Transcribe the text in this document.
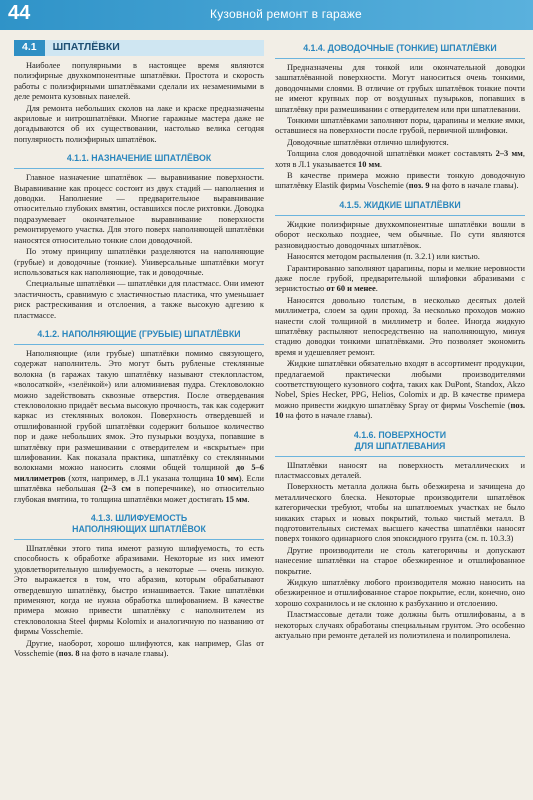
44	Кузовной ремонт в гараже
4.1	ШПАТЛЁВКИ

Наиболее популярными в настоящее время являются полиэфирные двухкомпонентные шпатлёвки. Простота и скорость работы с полиэфирными шпатлёвками сделали их незаменимыми в деле ремонта кузовных панелей.

Для ремонта небольших сколов на лаке и краске предназначены акриловые и нитрошпатлёвки. Многие гаражные мастера даже не догадываются об их существовании, настолько велика сегодня популярность полиэфирных шпатлёвок.

4.1.1. НАЗНАЧЕНИЕ ШПАТЛЁВОК

Главное назначение шпатлёвок — выравнивание поверхности. Выравнивание как процесс состоит из двух стадий — наполнения и доводки. Наполнение — предварительное выравнивание относительно глубоких вмятин, оставшихся после рихтовки. Доводка подразумевает окончательное выравнивание поверхности ремонтируемого участка. Для этого поверх наполняющей шпатлёвки наносятся относительно тонкие слои доводочной.

По этому принципу шпатлёвки разделяются на наполняющие (грубые) и доводочные (тонкие). Универсальные шпатлёвки могут использоваться как наполняющие, так и доводочные.

Специальные шпатлёвки — шпатлёвки для пластмасс. Они имеют эластичность, сравнимую с эластичностью пластика, что уменьшает риск растрескивания и отслоения, а также высокую адгезию к пластмассе.

4.1.2. НАПОЛНЯЮЩИЕ (ГРУБЫЕ) ШПАТЛЁВКИ

Наполняющие (или грубые) шпатлёвки помимо связующего, содержат наполнитель. Это могут быть рубленые стеклянные волокна (в гаражах такую шпатлёвку называют стеклопластом, «волосаткой», «зелёнкой») или алюминиевая пудра. Стекловолокно можно задействовать сквозные отверстия. После отвердевания стекловолокно придаёт весьма высокую прочность, так как содержит каркас из стеклянных волокон. Поверхность отвердевшей и отшлифованной грубой шпатлёвки содержит большое количество пор и даже небольших ямок. Это пузырьки воздуха, попавшие в шпатлёвку при размешивании с отвердителем и «вскрытые» при шлифовании. Как показала практика, шпатлёвку со стеклянными волокнами можно наносить слоями общей толщиной до 5–6 миллиметров (хотя, например, в Л.1 указана толщина 10 мм). Если шпатлёвка небольшая (2–3 см в поперечнике), но относительно глубокая вмятина, то толщина шпатлёвки может достигать 15 мм.

4.1.3. ШЛИФУЕМОСТЬ
НАПОЛНЯЮЩИХ ШПАТЛЁВОК

Шпатлёвки этого типа имеют разную шлифуемость, то есть способность к обработке абразивами. Некоторые из них имеют удовлетворительную шлифуемость, а некоторые — очень низкую. Это выражается в том, что абразив, которым обрабатывают отвердевшую шпатлёвку, быстро изнашивается. Такие шпатлёвки применяют, когда не нужна обработка шлифованием. В качестве примера можно привести шпатлёвку с наполнителем из стекловолокна Steel фирмы Kolomix и аналогичную по названию от фирмы Vosschemie.

Другие, наоборот, хорошо шлифуются, как например, Glas от Vosschemie (поз. 8 на фото в начале главы).

4.1.4. ДОВОДОЧНЫЕ (ТОНКИЕ) ШПАТЛЁВКИ

Предназначены для тонкой или окончательной доводки зашпатлёванной поверхности. Могут наноситься очень тонкими, доводочными слоями. В отличие от грубых шпатлёвок тонкие почти не имеют крупных пор от воздушных пузырьков, попавших в шпатлёвку при размешивании с отвердителем или при шпатлевании.

Тонкими шпатлёвками заполняют поры, царапины и мелкие ямки, оставшиеся на поверхности после грубой, первичной шлифовки.

Доводочные шпатлёвки отлично шлифуются.

Толщина слоя доводочной шпатлёвки может составлять 2–3 мм, хотя в Л.1 указывается 10 мм.

В качестве примера можно привести тонкую доводочную шпатлёвку Elastik фирмы Voschemie (поз. 9 на фото в начале главы).

4.1.5. ЖИДКИЕ ШПАТЛЁВКИ

Жидкие полиэфирные двухкомпонентные шпатлёвки вошли в оборот несколько позднее, чем обычные. По сути являются разновидностью доводочных шпатлёвок.

Наносятся методом распыления (п. 3.2.1) или кистью.

Гарантированно заполняют царапины, поры и мелкие неровности даже после грубой, предварительной шлифовки абразивами с зернистостью от 60 и менее.

Наносятся довольно толстым, в несколько десятых долей миллиметра, слоем за один проход. За несколько проходов можно нанести слой толщиной в миллиметр и более. Иногда жидкую шпатлёвку распыляют непосредственно на наполняющую, минуя стадию доводки тонкими шпатлёвками. Это позволяет экономить время и удешевляет ремонт.

Жидкие шпатлёвки обязательно входят в ассортимент продукции, предлагаемой практически любыми производителями соответствующего кузовного софта, таких как DuPont, Standox, Akzo Nobel, Spies Hecker, PPG, Helios, Colomix и др. В качестве примера можно привести жидкую шпатлёвку Spray от фирмы Voschemie (поз. 10 на фото в начале главы).

4.1.6. ПОВЕРХНОСТИ
ДЛЯ ШПАТЛЕВАНИЯ

Шпатлёвки наносят на поверхность металлических и пластмассовых деталей.

Поверхность металла должна быть обезжирена и зачищена до металлического блеска. Некоторые производители шпатлёвок категорически требуют, чтобы на шпатлюемых участках не было никаких старых и новых покрытий, только чистый металл. В подготовительных системах высшего качества шпатлёвки наносят поверх тонкого одинарного слоя эпоксидного грунта (см. п. 10.3.3)

Другие производители не столь категоричны и допускают нанесение шпатлёвки на старое обезжиренное и отшлифованное покрытие.

Жидкую шпатлёвку любого производителя можно наносить на обезжиренное и отшлифованное старое покрытие, если, конечно, оно хорошо сохранилось и не склонно к разбуханию и отслоению.

Пластмассовые детали тоже должны быть отшлифованы, а в некоторых случаях обработаны специальным грунтом. Это особенно актуально при ремонте деталей из полиэтилена и полипропилена.
